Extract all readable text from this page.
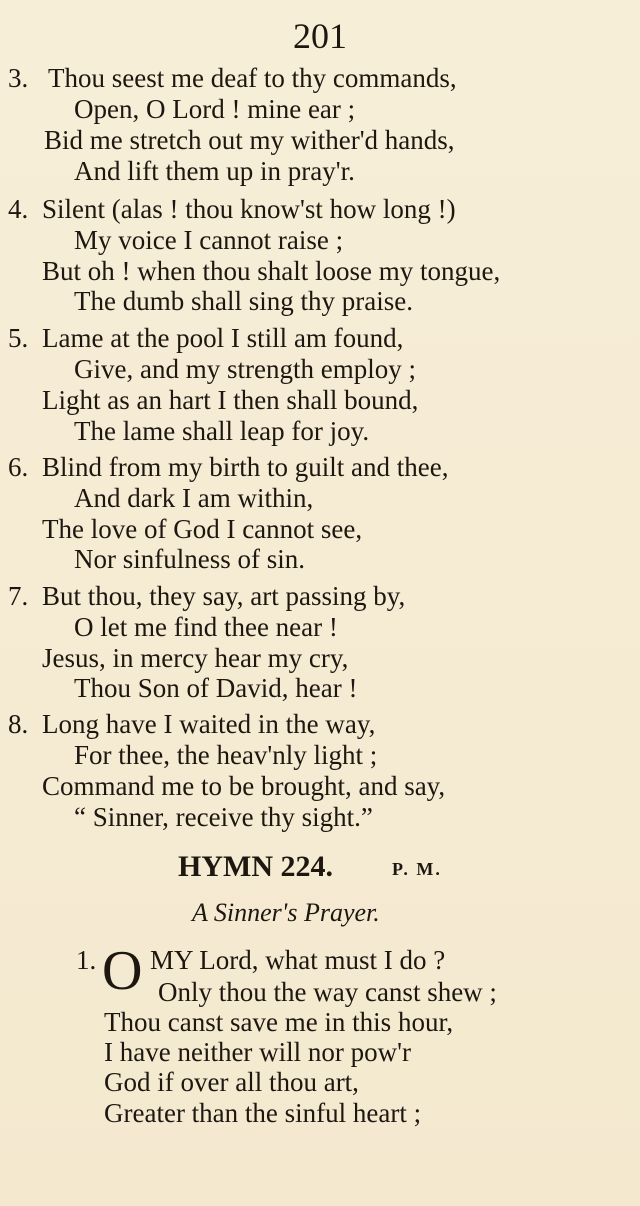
201
3. Thou seest me deaf to thy commands,
Open, O Lord ! mine ear ;
Bid me stretch out my wither'd hands,
And lift them up in pray'r.
4. Silent (alas ! thou know'st how long !)
My voice I cannot raise ;
But oh ! when thou shalt loose my tongue,
The dumb shall sing thy praise.
5. Lame at the pool I still am found,
Give, and my strength employ ;
Light as an hart I then shall bound,
The lame shall leap for joy.
6. Blind from my birth to guilt and thee,
And dark I am within,
The love of God I cannot see,
Nor sinfulness of sin.
7. But thou, they say, art passing by,
O let me find thee near !
Jesus, in mercy hear my cry,
Thou Son of David, hear !
8. Long have I waited in the way,
For thee, the heav'nly light ;
Command me to be brought, and say,
“ Sinner, receive thy sight.”
HYMN 224.	P. M.
A Sinner's Prayer.
1. O MY Lord, what must I do ?
Only thou the way canst shew ;
Thou canst save me in this hour,
I have neither will nor pow'r
God if over all thou art,
Greater than the sinful heart ;
